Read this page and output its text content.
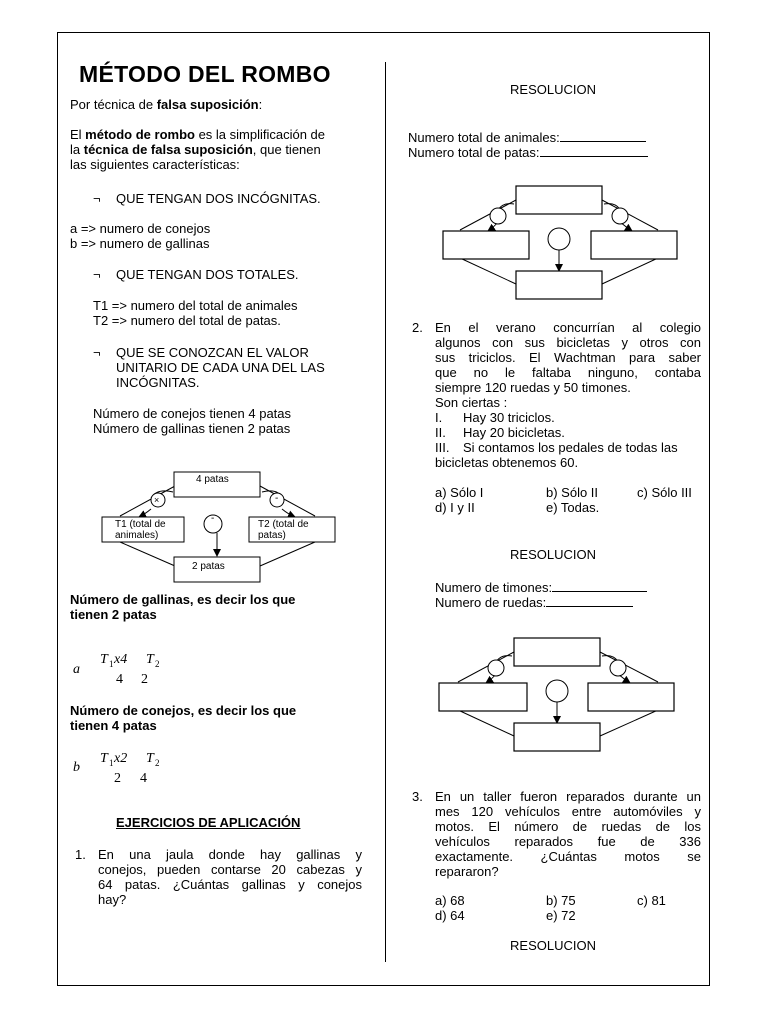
MÉTODO DEL ROMBO
Por técnica de falsa suposición:
El método de rombo es la simplificación de
la técnica de falsa suposición, que tienen
las siguientes características:
¬ QUE TENGAN DOS INCÓGNITAS.
a => numero de conejos
b => numero de gallinas
¬ QUE TENGAN DOS TOTALES.
T1 => numero del total de animales
T2 => numero del total de patas.
¬ QUE SE CONOZCAN EL VALOR
UNITARIO DE CADA UNA DEL LAS
INCÓGNITAS.
Número de conejos tienen 4 patas
Número de gallinas tienen 2 patas
4 patas
T1 (total de
animales)
T2 (total de
patas)
2 patas
×	-
-
Número de gallinas, es decir los que
tienen 2 patas
a
T 1 x4 T 2
4 2
Número de conejos, es decir los que
tienen 4 patas
b
T 1 x2 T 2
2 4
EJERCICIOS DE APLICACIÓN
1. En una jaula donde hay gallinas y
conejos, pueden contarse 20 cabezas y
64 patas. ¿Cuántas gallinas y conejos
hay?
RESOLUCION
Numero total de animales:
Numero total de patas:
2. En el verano concurrían al colegio
algunos con sus bicicletas y otros con
sus triciclos. El Wachtman para saber
que no le faltaba ninguno, contaba
siempre 120 ruedas y 50 timones.
Son ciertas :
I. Hay 30 triciclos.
II. Hay 20 bicicletas.
III. Si contamos los pedales de todas las
bicicletas obtenemos 60.
a) Sólo I	b) Sólo II	c) Sólo III
d) I y II	e) Todas.
RESOLUCION
Numero de timones:
Numero de ruedas:
3. En un taller fueron reparados durante un
mes 120 vehículos entre automóviles y
motos. El número de ruedas de los
vehículos reparados fue de 336
exactamente. ¿Cuántas motos se
repararon?
a) 68	b) 75	c) 81
d) 64	e) 72
RESOLUCION
